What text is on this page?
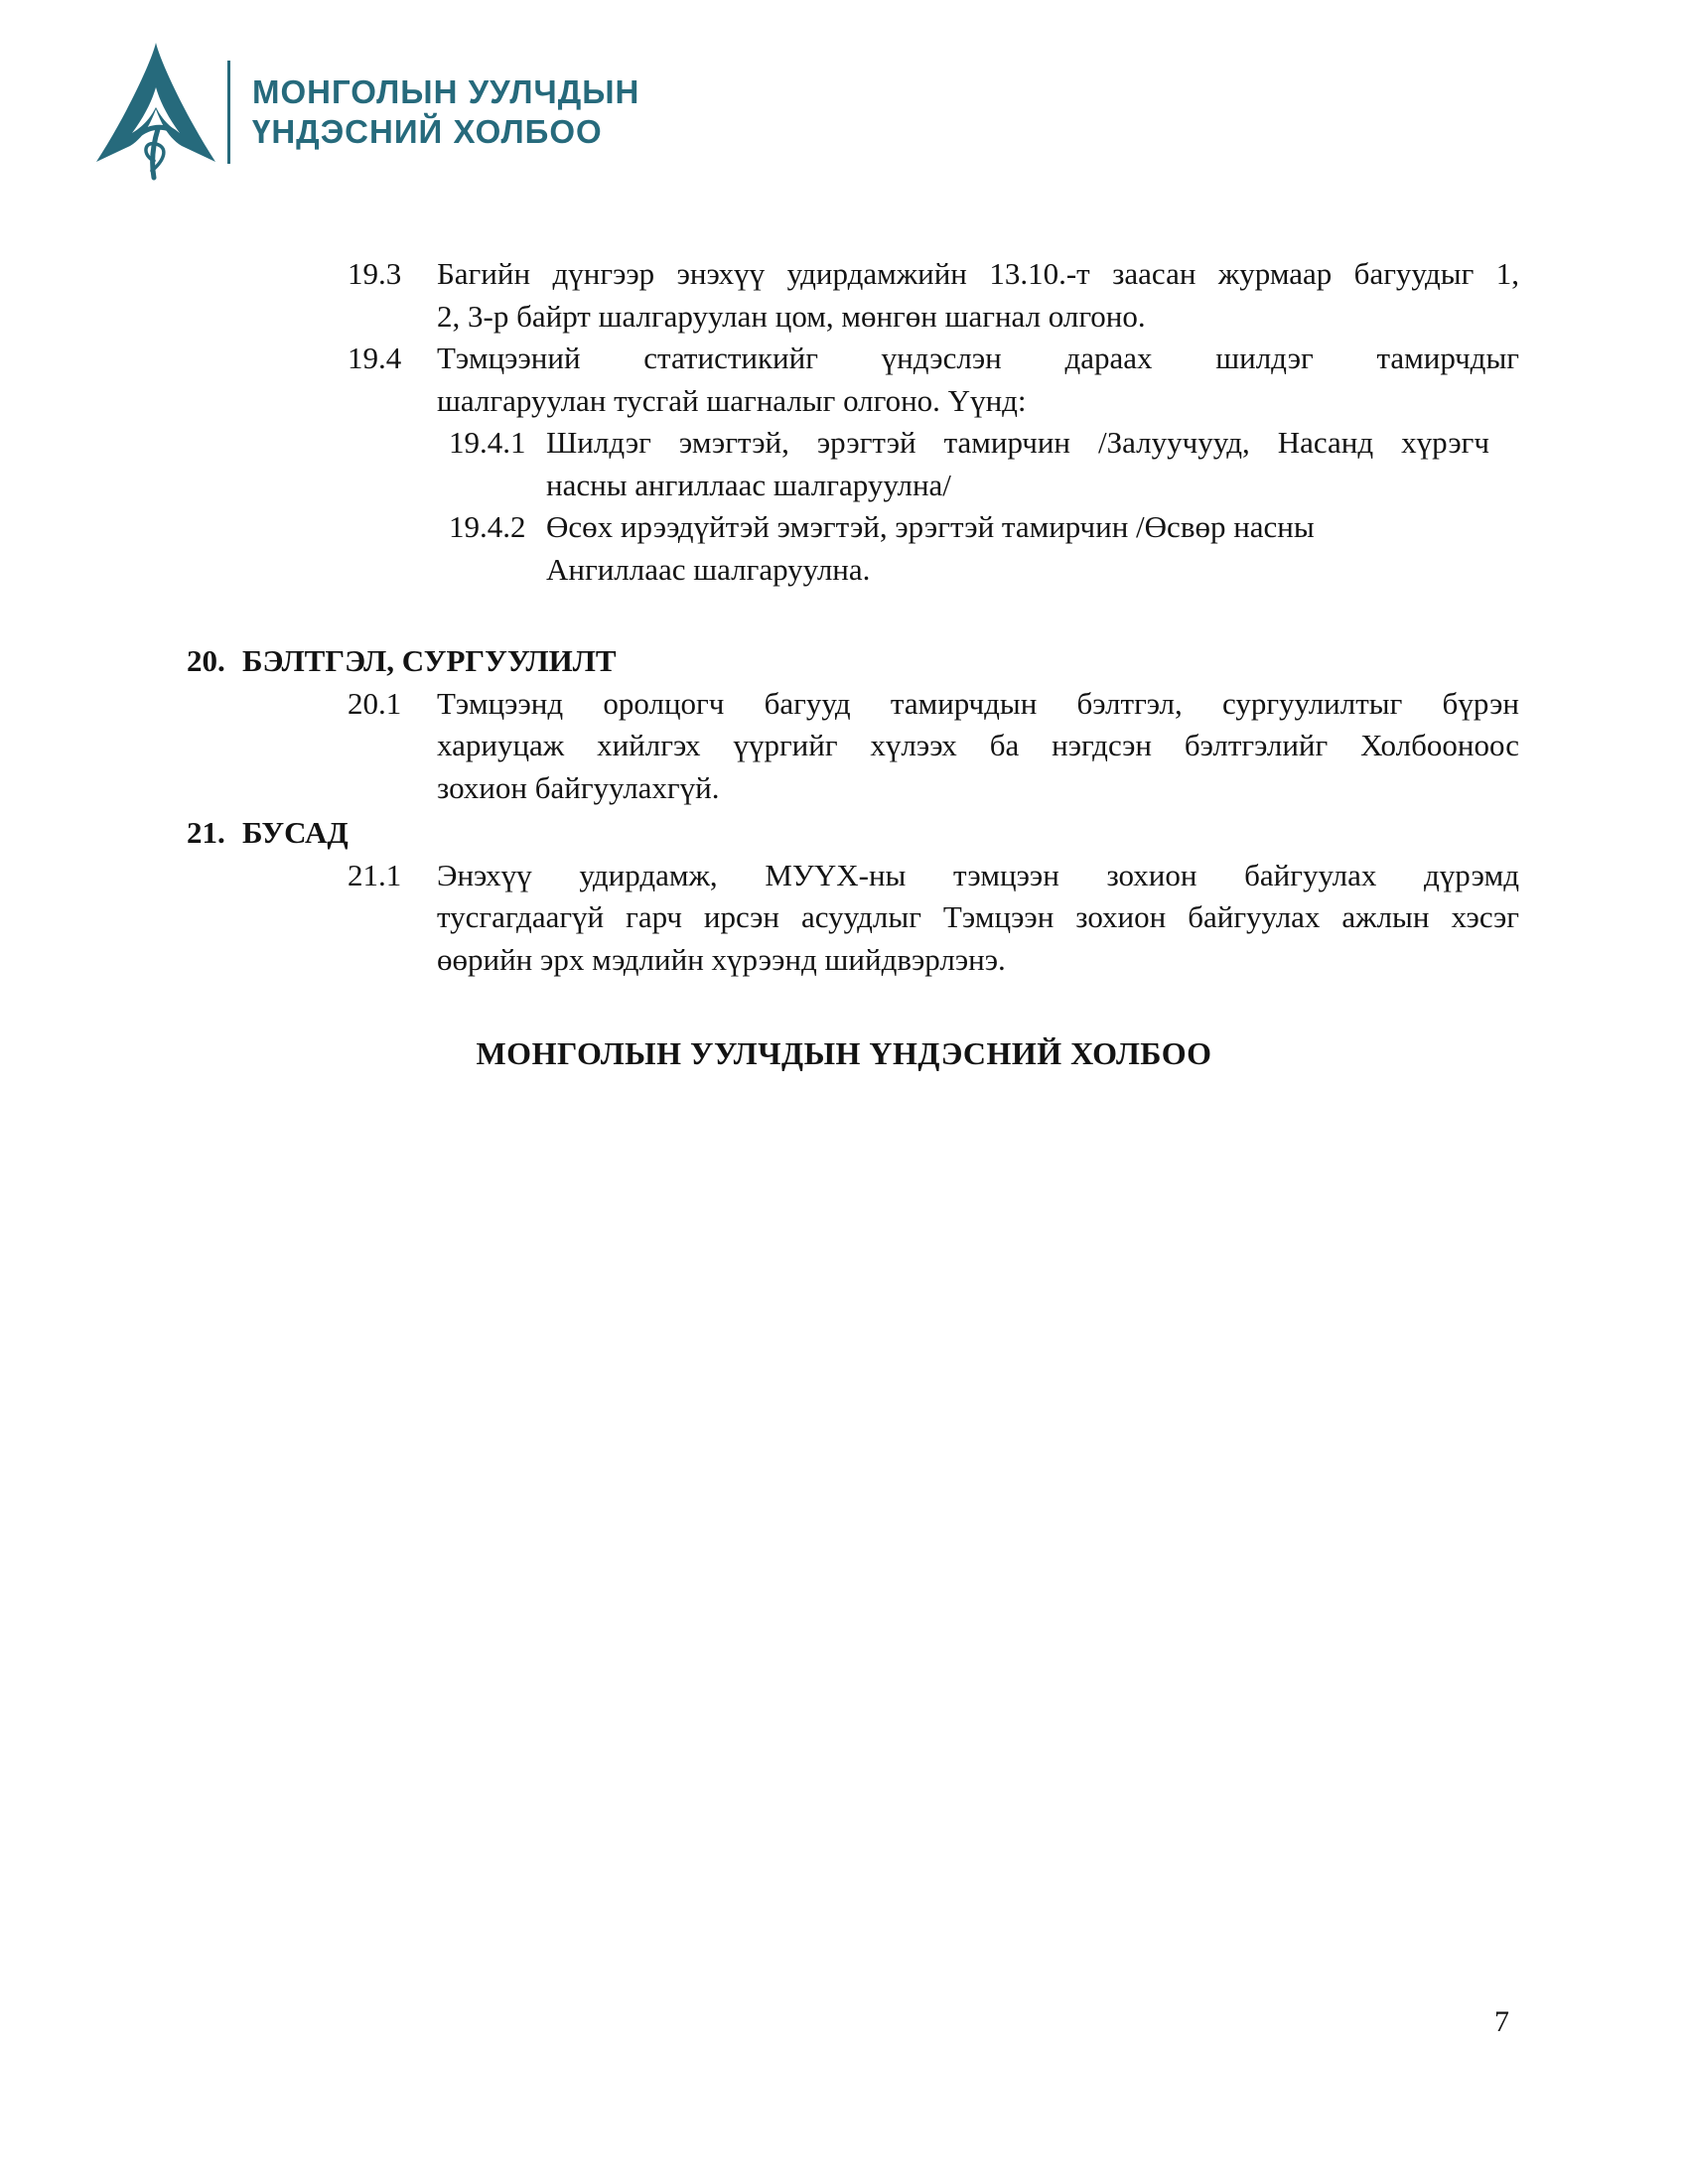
МОНГОЛЫН УУЛЧДЫН
ҮНДЭСНИЙ ХОЛБОО
19.3	Багийн дүнгээр энэхүү удирдамжийн 13.10.-т заасан журмаар багуудыг 1,
2, 3-р байрт шалгаруулан цом, мөнгөн шагнал олгоно.
19.4	Тэмцээний статистикийг үндэслэн дараах шилдэг тамирчдыг
шалгаруулан тусгай шагналыг олгоно. Үүнд:
19.4.1 Шилдэг эмэгтэй, эрэгтэй тамирчин /Залуучууд, Насанд хүрэгч
насны ангиллаас шалгаруулна/
19.4.2 Өсөх ирээдүйтэй эмэгтэй, эрэгтэй тамирчин /Өсвөр насны
Ангиллаас шалгаруулна.
20. БЭЛТГЭЛ, СУРГУУЛИЛТ
20.1	Тэмцээнд оролцогч багууд тамирчдын бэлтгэл, сургуулилтыг бүрэн
хариуцаж хийлгэх үүргийг хүлээх ба нэгдсэн бэлтгэлийг Холбооноос
зохион байгуулахгүй.
21. БУСАД
21.1	Энэхүү удирдамж, МУҮХ-ны тэмцээн зохион байгуулах дүрэмд
тусгагдаагүй гарч ирсэн асуудлыг Тэмцээн зохион байгуулах ажлын хэсэг
өөрийн эрх мэдлийн хүрээнд шийдвэрлэнэ.
МОНГОЛЫН УУЛЧДЫН ҮНДЭСНИЙ ХОЛБОО
7
